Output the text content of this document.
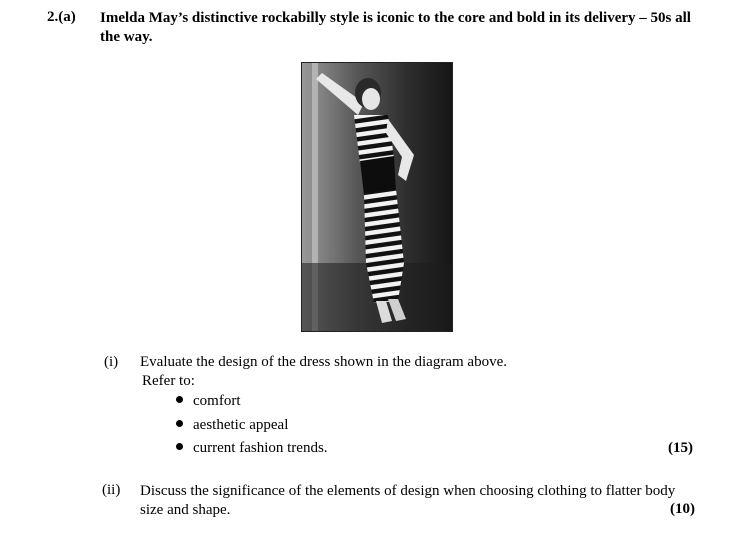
2.(a) Imelda May’s distinctive rockabilly style is iconic to the core and bold in its delivery – 50s all the way.
(i) Evaluate the design of the dress shown in the diagram above.
Refer to:
comfort
aesthetic appeal
current fashion trends.	(15)
(ii) Discuss the significance of the elements of design when choosing clothing to flatter body size and shape.	(10)
